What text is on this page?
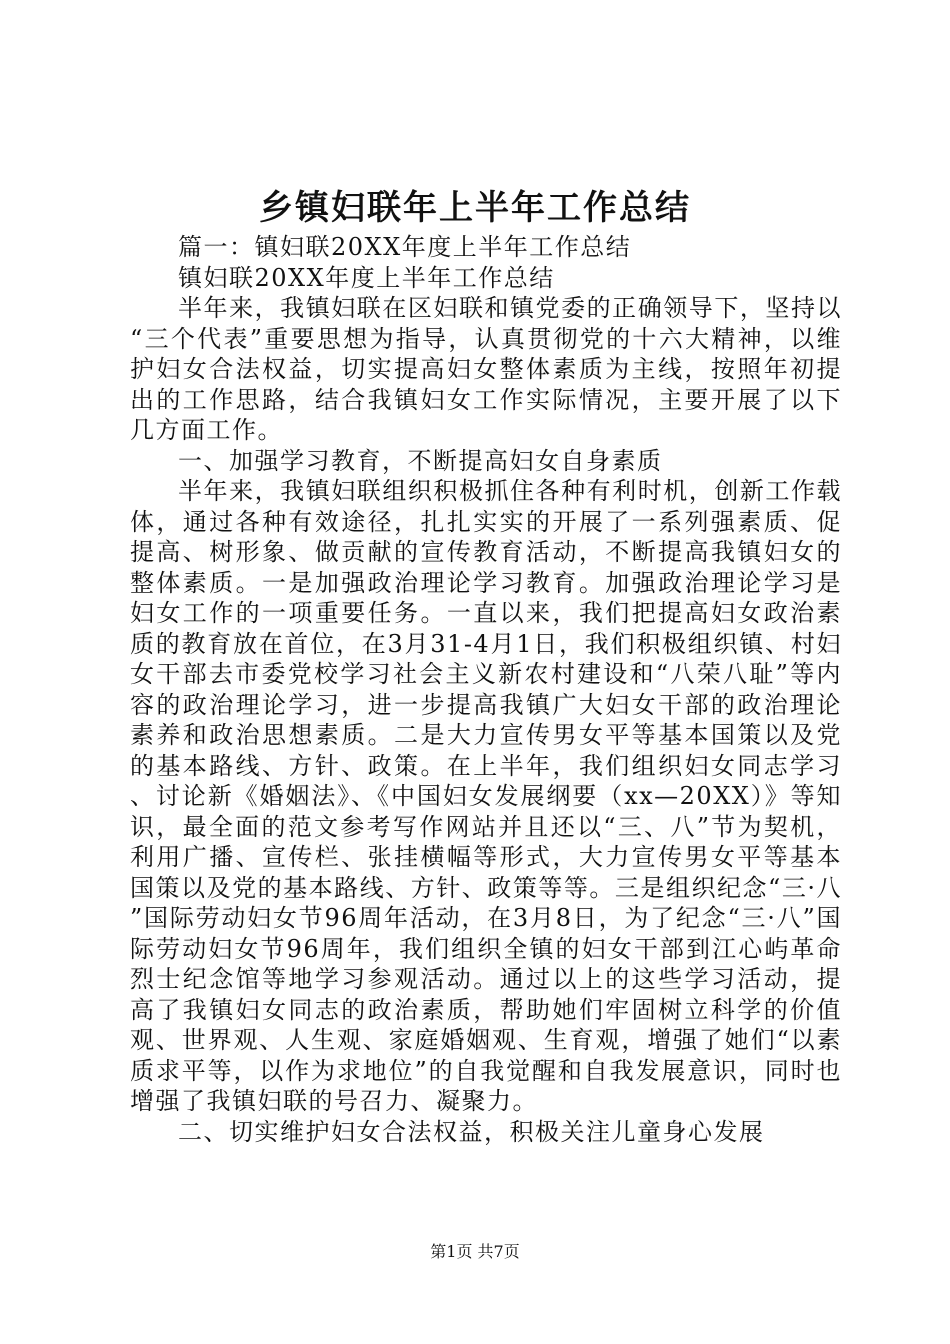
乡镇妇联年上半年工作总结

篇一：镇妇联20XX年度上半年工作总结

镇妇联20XX年度上半年工作总结

半年来，我镇妇联在区妇联和镇党委的正确领导下，坚持以“三个代表”重要思想为指导，认真贯彻党的十六大精神，以维护妇女合法权益，切实提高妇女整体素质为主线，按照年初提出的工作思路，结合我镇妇女工作实际情况，主要开展了以下几方面工作。

一、加强学习教育，不断提高妇女自身素质

半年来，我镇妇联组织积极抓住各种有利时机，创新工作载体，通过各种有效途径，扎扎实实的开展了一系列强素质、促提高、树形象、做贡献的宣传教育活动，不断提高我镇妇女的整体素质。一是加强政治理论学习教育。加强政治理论学习是妇女工作的一项重要任务。一直以来，我们把提高妇女政治素质的教育放在首位，在3月31-4月1日，我们积极组织镇、村妇女干部去市委党校学习社会主义新农村建设和“八荣八耻”等内容的政治理论学习，进一步提高我镇广大妇女干部的政治理论素养和政治思想素质。二是大力宣传男女平等基本国策以及党的基本路线、方针、政策。在上半年，我们组织妇女同志学习、讨论新《婚姻法》、《中国妇女发展纲要（xx—20XX）》等知识，最全面的范文参考写作网站并且还以“三、八”节为契机，利用广播、宣传栏、张挂横幅等形式，大力宣传男女平等基本国策以及党的基本路线、方针、政策等等。三是组织纪念“三·八”国际劳动妇女节96周年活动，在3月8日，为了纪念“三·八”国际劳动妇女节96周年，我们组织全镇的妇女干部到江心屿革命烈士纪念馆等地学习参观活动。通过以上的这些学习活动，提高了我镇妇女同志的政治素质，帮助她们牢固树立科学的价值观、世界观、人生观、家庭婚姻观、生育观，增强了她们“以素质求平等，以作为求地位”的自我觉醒和自我发展意识，同时也增强了我镇妇联的号召力、凝聚力。

二、切实维护妇女合法权益，积极关注儿童身心发展

第1页 共7页
